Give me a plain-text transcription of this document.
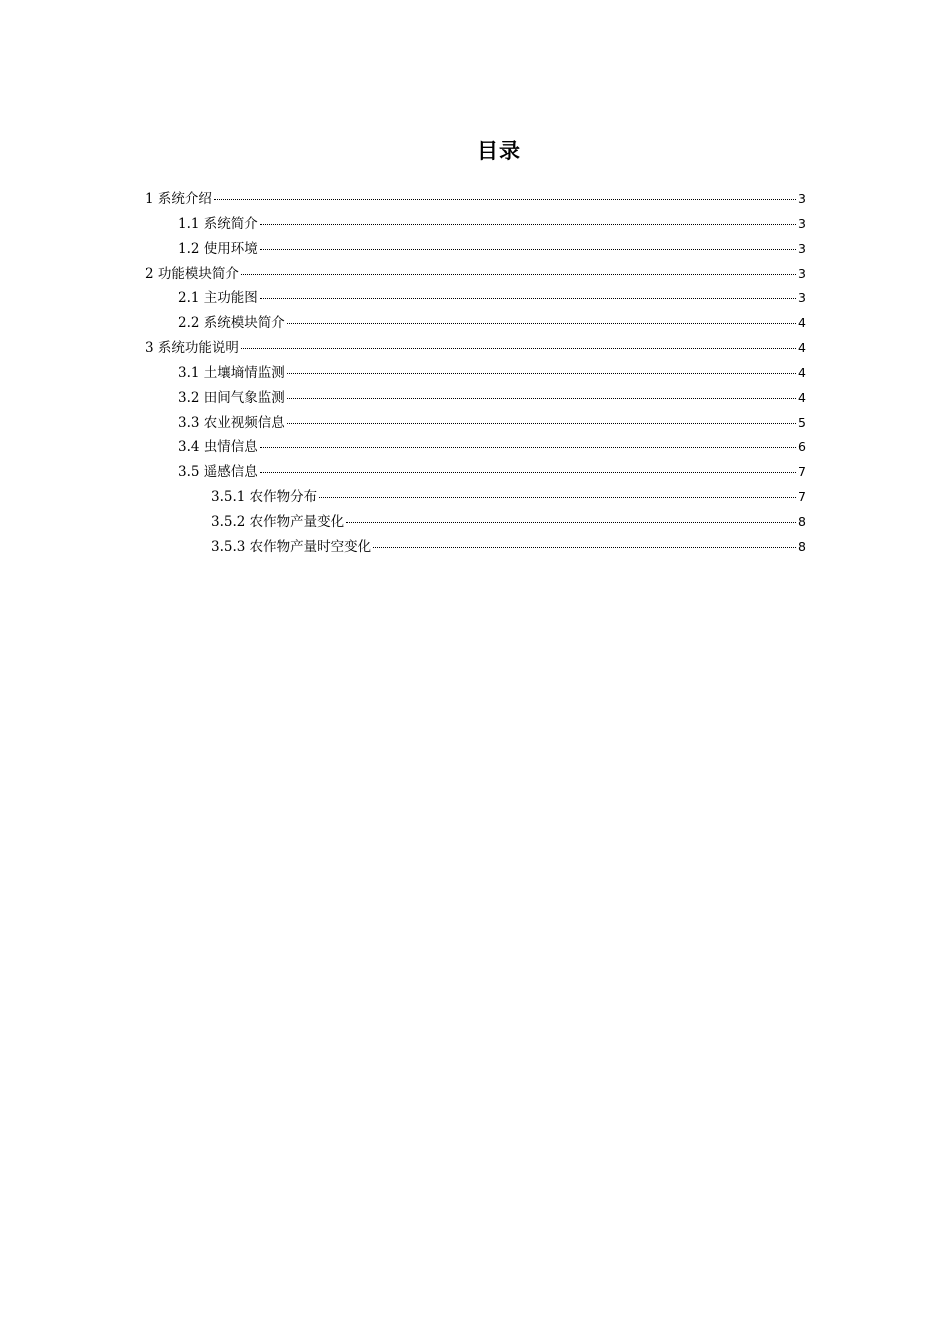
目录
1 系统介绍	3
1.1 系统简介	3
1.2 使用环境	3
2 功能模块简介	3
2.1 主功能图	3
2.2 系统模块简介	4
3 系统功能说明	4
3.1 土壤墒情监测	4
3.2 田间气象监测	4
3.3 农业视频信息	5
3.4 虫情信息	6
3.5 遥感信息	7
3.5.1 农作物分布	7
3.5.2 农作物产量变化	8
3.5.3 农作物产量时空变化	8
